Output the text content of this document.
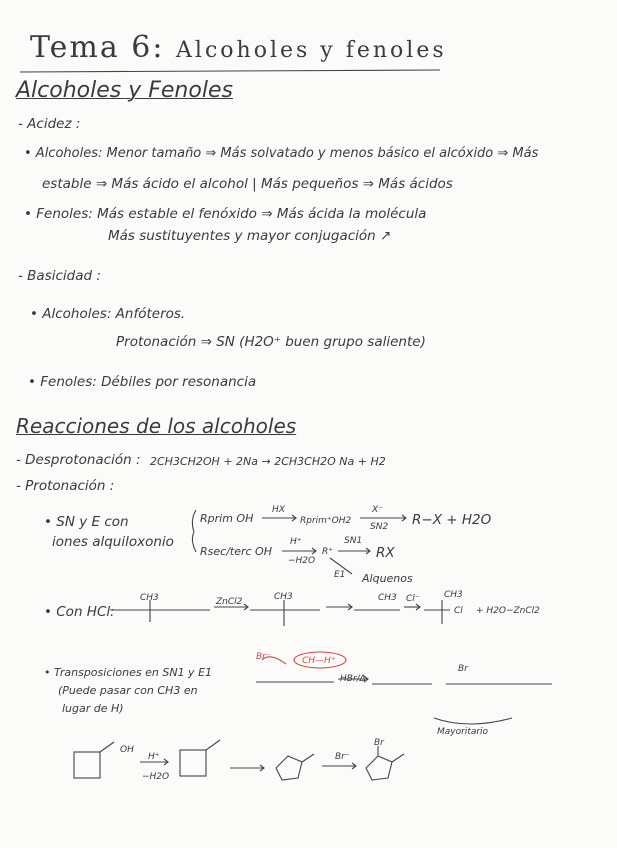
Tema 6: Alcoholes y fenoles
Alcoholes y Fenoles
- Acidez :
• Alcoholes: Menor tamaño ⇒ Más solvatado y menos básico el alcóxido ⇒ Más
estable ⇒ Más ácido el alcohol | Más pequeños ⇒ Más ácidos
• Fenoles: Más estable el fenóxido ⇒ Más ácida la molécula
Más sustituyentes y mayor conjugación ↗
- Basicidad :
• Alcoholes: Anfóteros.
Protonación ⇒ SN (H2O⁺ buen grupo saliente)
• Fenoles: Débiles por resonancia
Reacciones de los alcoholes
- Desprotonación : 2CH3CH2OH + 2Na → 2CH3CH2O Na + H2
- Protonación :
• SN y E con
iones alquiloxonio
Rprim OH
HX
Rprim⁺OH2
X⁻
SN2 R−X + H2O
Rsec/terc OH
H⁺
−H2O
R⁺
SN1
RX
E1 Alquenos
• Con HCl:
ZnCl2
CH3	CH3	CH3	CH3
Cl⁻
Cl + H2O−ZnCl2
• Transposiciones en SN1 y E1
(Puede pasar con CH3 en
lugar de H)
Br⁻	CH—H⁺
HBr/Δ
Br
Mayoritario
OH
H⁺
−H2O
Br⁻
Br
